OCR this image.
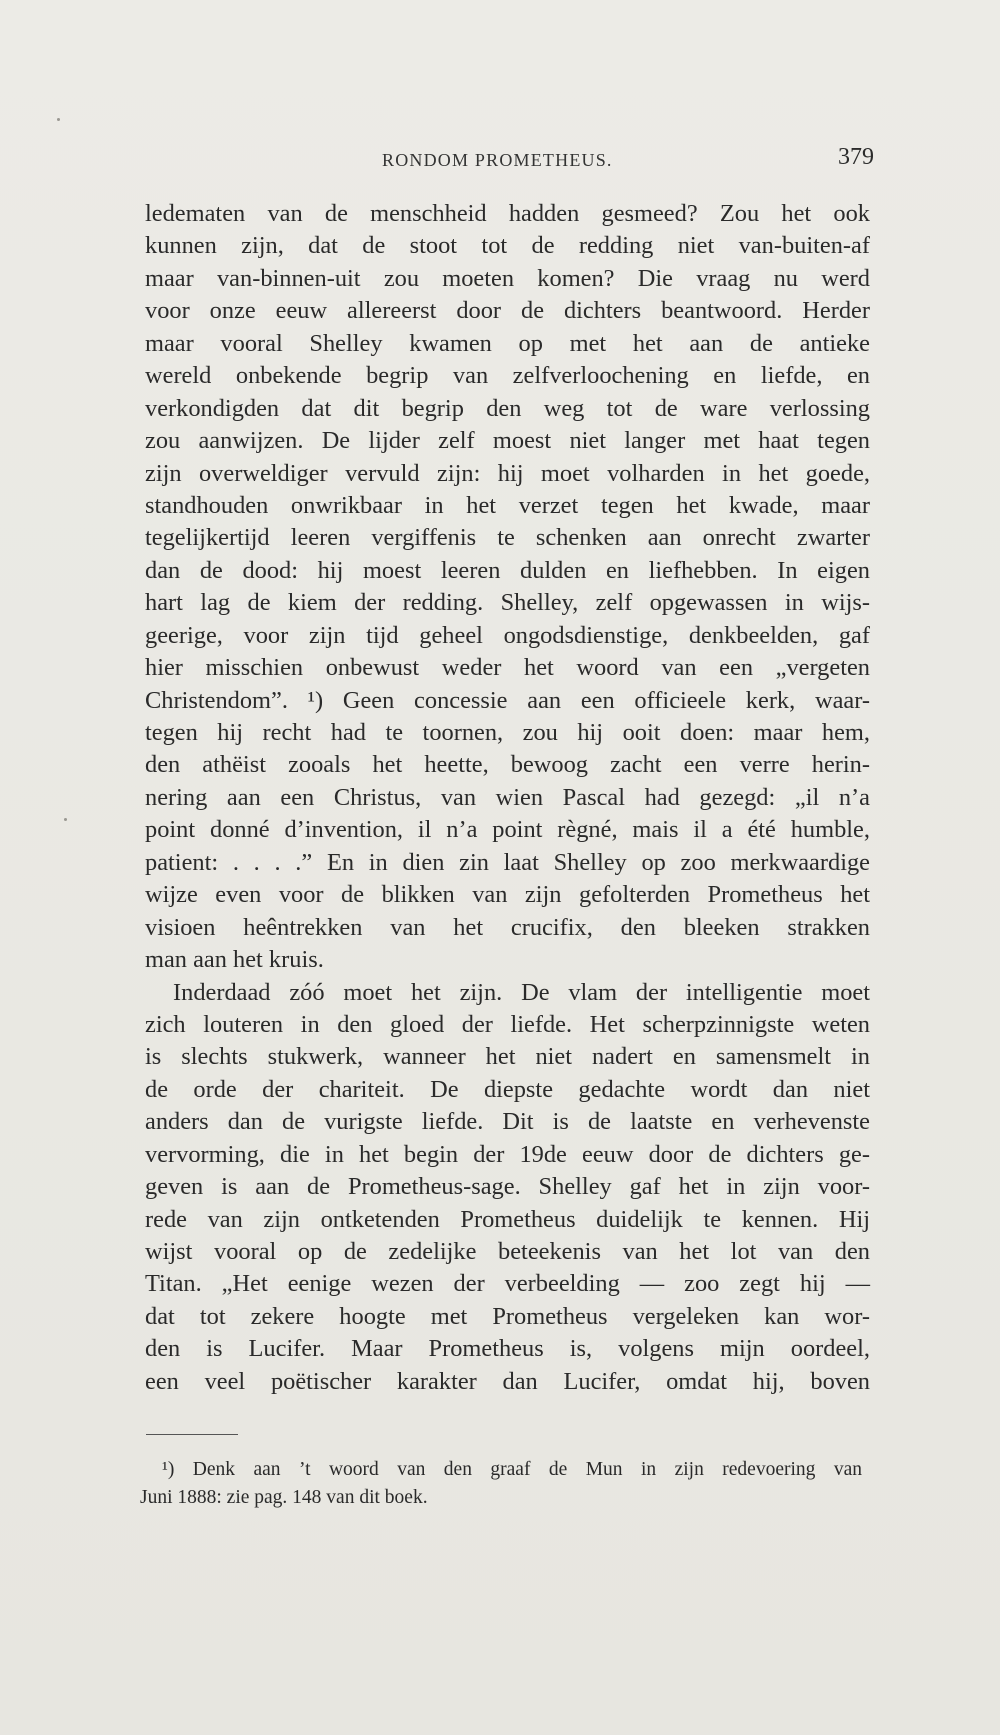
RONDOM PROMETHEUS.	379
ledematen van de menschheid hadden gesmeed? Zou het ook
kunnen zijn, dat de stoot tot de redding niet van-buiten-af
maar van-binnen-uit zou moeten komen? Die vraag nu werd
voor onze eeuw allereerst door de dichters beantwoord. Herder
maar vooral Shelley kwamen op met het aan de antieke
wereld onbekende begrip van zelfverloochening en liefde, en
verkondigden dat dit begrip den weg tot de ware verlossing
zou aanwijzen. De lijder zelf moest niet langer met haat tegen
zijn overweldiger vervuld zijn: hij moet volharden in het goede,
standhouden onwrikbaar in het verzet tegen het kwade, maar
tegelijkertijd leeren vergiffenis te schenken aan onrecht zwarter
dan de dood: hij moest leeren dulden en liefhebben. In eigen
hart lag de kiem der redding. Shelley, zelf opgewassen in wijs-
geerige, voor zijn tijd geheel ongodsdienstige, denkbeelden, gaf
hier misschien onbewust weder het woord van een „vergeten
Christendom”. ¹) Geen concessie aan een officieele kerk, waar-
tegen hij recht had te toornen, zou hij ooit doen: maar hem,
den athëist zooals het heette, bewoog zacht een verre herin-
nering aan een Christus, van wien Pascal had gezegd: „il n’a
point donné d’invention, il n’a point règné, mais il a été humble,
patient: . . . .” En in dien zin laat Shelley op zoo merkwaardige
wijze even voor de blikken van zijn gefolterden Prometheus het
visioen heêntrekken van het crucifix, den bleeken strakken
man aan het kruis.
Inderdaad zóó moet het zijn. De vlam der intelligentie moet
zich louteren in den gloed der liefde. Het scherpzinnigste weten
is slechts stukwerk, wanneer het niet nadert en samensmelt in
de orde der chariteit. De diepste gedachte wordt dan niet
anders dan de vurigste liefde. Dit is de laatste en verhevenste
vervorming, die in het begin der 19de eeuw door de dichters ge-
geven is aan de Prometheus-sage. Shelley gaf het in zijn voor-
rede van zijn ontketenden Prometheus duidelijk te kennen. Hij
wijst vooral op de zedelijke beteekenis van het lot van den
Titan. „Het eenige wezen der verbeelding — zoo zegt hij —
dat tot zekere hoogte met Prometheus vergeleken kan wor-
den is Lucifer. Maar Prometheus is, volgens mijn oordeel,
een veel poëtischer karakter dan Lucifer, omdat hij, boven
¹) Denk aan ’t woord van den graaf de Mun in zijn redevoering van
Juni 1888: zie pag. 148 van dit boek.
